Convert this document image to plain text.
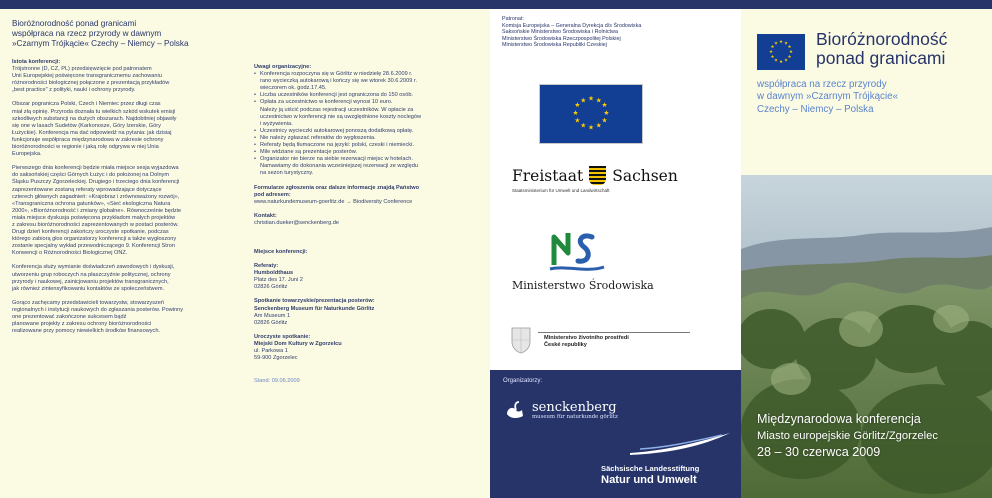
Bioróżnorodność ponad granicami
współpraca na rzecz przyrody w dawnym
»Czarnym Trójkącie« Czechy – Niemcy – Polska
Istota konferencji:
Trójstronne (D, CZ, PL) przedsięwzięcie pod patronatem
Unii Europejskiej poświęcone transgranicznemu zachowaniu
różnorodności biologicznej połączone z prezentacją przykładów
„best practice" z polityki, nauki i ochrony przyrody.
Obszar pogranicza Polski, Czech i Niemiec przez długi czas
miał złą opinię. Przyroda doznała tu wielkich szkód wskutek emisji
szkodliwych substancji na dużych obszarach. Najdobitniej objawiły
się one w lasach Sudetów (Karkonosze, Góry Izerskie, Góry
Łużyckie). Konferencja ma dać odpowiedź na pytania: jak dzisiaj
funkcjonuje współpraca międzynarodowa w zakresie ochrony
bioróżnorodności w regionie i jaką rolę odgrywa w niej Unia
Europejska.
Pierwszego dnia konferencji będzie miała miejsce sesja wyjazdowa
do saksońskiej części Górnych Łużyc i do położonej na Dolnym
Śląsku Puszczy Zgorzeleckiej. Drugiego i trzeciego dnia konferencji
zaprezentowane zostaną referaty wprowadzające dotyczące
czterech głównych zagadnień: «Krajobraz i zrównoważony rozwój»,
«Transgraniczna ochrona gatunków», «Sieć ekologiczna Natura
2000», «Bioróżnorodność i zmiany globalne». Równocześnie będzie
miała miejsce dyskusja poświęcona przykładom małych projektów
z zakresu bioróżnorodności zaprezentowanych w postaci posterów.
Drugi dzień konferencji zakończy uroczyste spotkanie, podczas
którego zabiorą głos organizatorzy konferencji a także wygłoszony
zostanie specjalny wykład przewodniczącego 9. Konferencji Stron
Konwencji o Różnorodności Biologicznej ONZ.
Konferencja służy wymianie doświadczeń zawodowych i dyskusji,
utworzeniu grup roboczych na płaszczyźnie politycznej, ochrony
przyrody i naukowej, zainicjowaniu projektów transgranicznych,
jak również zintensyfikowaniu kontaktów ze społeczeństwem.
Gorąco zachęcamy przedstawicieli towarzystw, stowarzyszeń
regionalnych i instytucji naukowych do zgłaszania posterów. Powinny
one prezentować zakończone sukcesem bądź
planowane projekty z zakresu ochrony bioróżnorodności
realizowane przy pomocy niewielkich środków finansowych.
Uwagi organizacyjne:
• Konferencja rozpoczyna się w Görlitz w niedzielę 28.6.2009 r.
rano wycieczką autokarową i kończy się we wtorek 30.6.2009 r.
wieczorem ok. godz.17.45.
• Liczba uczestników konferencji jest ograniczona do 150 osób.
• Opłata za uczestnictwo w konferencji wynosi 10 euro.
Należy ją uiścić podczas rejestracji uczestników. W opłacie za
uczestnictwo w konferencji nie są uwzględnione koszty noclegów
i wyżywienia.
• Uczestnicy wycieczki autokarowej ponoszą dodatkową opłatę.
• Nie należy zgłaszać referatów do wygłoszenia.
• Referaty będą tłumaczone na języki: polski, czeski i niemiecki.
• Mile widziane są prezentacje posterów.
• Organizator nie bierze na siebie rezerwacji miejsc w hotelach.
Namawiamy do dokonania wcześniejszej rezerwacji ze względu
na sezon turystyczny.
Formularze zgłoszenia oraz dalsze informacje znajdą Państwo
pod adresem:
www.naturkundemuseum-goerlitz.de → Biodiversity Conference
Kontakt:
christian.dueker@senckenberg.de
Miejsce konferencji:
Referaty:
Humboldthaus
Platz des 17. Juni 2
02826 Görlitz
Spotkanie towarzyskie/prezentacja posterów:
Senckenberg Museum für Naturkunde Görlitz
Am Museum 1
02826 Görlitz
Uroczyste spotkanie:
Miejski Dom Kultury w Zgorzelcu
ul. Parkowa 1
59-900 Zgorzelec
Stand: 09.06.2009
Patronat:
Komisja Europejska – Generalna Dyrekcja d/s Środowiska
Saksońskie Ministerstwo Środowiska i Rolnictwa
Ministerstwo Środowiska Rzeczpospolitej Polskiej
Ministerstwo Środowiska Republiki Czeskiej
★ ★
★
★
★
★
★
★
★
★
★
★
Freistaat Sachsen
Staatsministerium für Umwelt und Landwirtschaft
Ministerstwo Środowiska
Ministerstvo životního prostředí
České republiky
Organizatorzy:
senckenberg
museum für naturkunde görlitz
Sächsische Landesstiftung
Natur und Umwelt
★ ★
★
★
★
★
★
★
★
★
★
★ Bioróżnorodność
ponad granicami
współpraca na rzecz przyrody
w dawnym »Czarnym Trójkącie«
Czechy – Niemcy – Polska
Międzynarodowa konferencja
Miasto europejskie Görlitz/Zgorzelec
28 – 30 czerwca 2009
